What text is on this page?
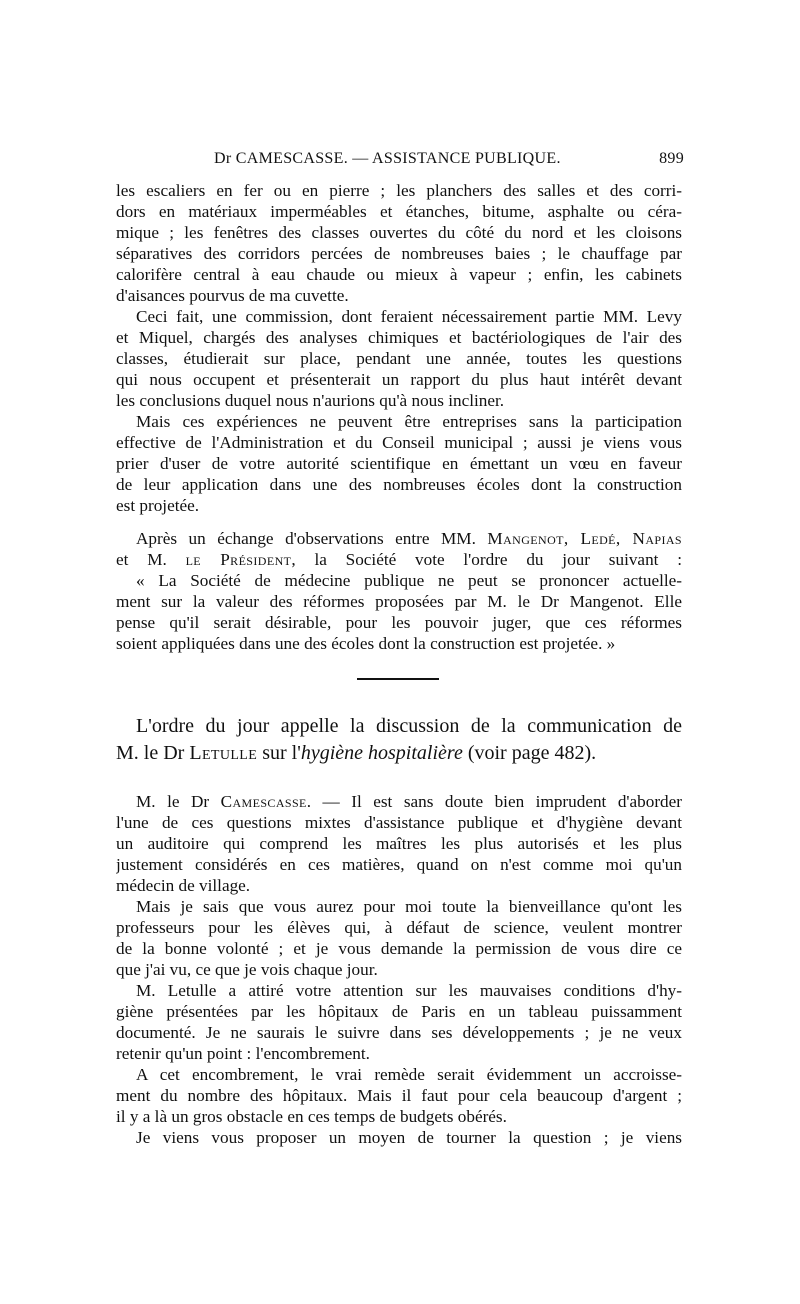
Dr CAMESCASSE. — ASSISTANCE PUBLIQUE.	899
les escaliers en fer ou en pierre ; les planchers des salles et des corri-
dors en matériaux imperméables et étanches, bitume, asphalte ou céra-
mique ; les fenêtres des classes ouvertes du côté du nord et les cloisons
séparatives des corridors percées de nombreuses baies ; le chauffage par
calorifère central à eau chaude ou mieux à vapeur ; enfin, les cabinets
d'aisances pourvus de ma cuvette.
Ceci fait, une commission, dont feraient nécessairement partie MM. Levy
et Miquel, chargés des analyses chimiques et bactériologiques de l'air des
classes, étudierait sur place, pendant une année, toutes les questions
qui nous occupent et présenterait un rapport du plus haut intérêt devant
les conclusions duquel nous n'aurions qu'à nous incliner.
Mais ces expériences ne peuvent être entreprises sans la participation
effective de l'Administration et du Conseil municipal ; aussi je viens vous
prier d'user de votre autorité scientifique en émettant un vœu en faveur
de leur application dans une des nombreuses écoles dont la construction
est projetée.
Après un échange d'observations entre MM. Mangenot, Ledé, Napias
et M. le Président, la Société vote l'ordre du jour suivant :
« La Société de médecine publique ne peut se prononcer actuelle-
ment sur la valeur des réformes proposées par M. le Dr Mangenot. Elle
pense qu'il serait désirable, pour les pouvoir juger, que ces réformes
soient appliquées dans une des écoles dont la construction est projetée. »
L'ordre du jour appelle la discussion de la communication de
M. le Dr Letulle sur l'hygiène hospitalière (voir page 482).
M. le Dr Camescasse. — Il est sans doute bien imprudent d'aborder
l'une de ces questions mixtes d'assistance publique et d'hygiène devant
un auditoire qui comprend les maîtres les plus autorisés et les plus
justement considérés en ces matières, quand on n'est comme moi qu'un
médecin de village.
Mais je sais que vous aurez pour moi toute la bienveillance qu'ont les
professeurs pour les élèves qui, à défaut de science, veulent montrer
de la bonne volonté ; et je vous demande la permission de vous dire ce
que j'ai vu, ce que je vois chaque jour.
M. Letulle a attiré votre attention sur les mauvaises conditions d'hy-
giène présentées par les hôpitaux de Paris en un tableau puissamment
documenté. Je ne saurais le suivre dans ses développements ; je ne veux
retenir qu'un point : l'encombrement.
A cet encombrement, le vrai remède serait évidemment un accroisse-
ment du nombre des hôpitaux. Mais il faut pour cela beaucoup d'argent ;
il y a là un gros obstacle en ces temps de budgets obérés.
Je viens vous proposer un moyen de tourner la question ; je viens
